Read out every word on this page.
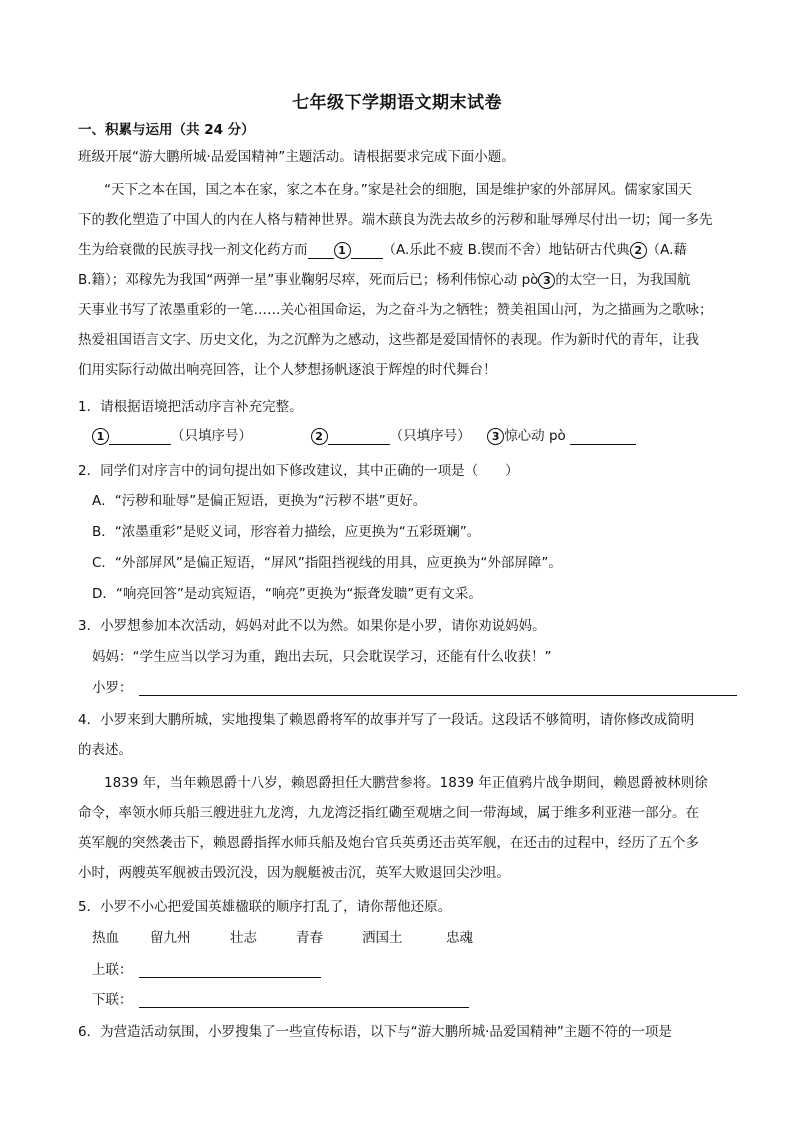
七年级下学期语文期末试卷
一、积累与运用（共 24 分）
班级开展“游大鹏所城·品爱国精神”主题活动。请根据要求完成下面小题。
“天下之本在国，国之本在家，家之本在身。”家是社会的细胞，国是维护家的外部屏风。儒家家国天
下的教化塑造了中国人的内在人格与精神世界。端木蕻良为洗去故乡的污秽和耻辱殚尽付出一切；闻一多先
生为给衰微的民族寻找一剂文化药方而	1	（A.乐此不疲 B.锲而不舍）地钻研古代典 2 （A.藉
B.籍）；邓稼先为我国“两弹一星”事业鞠躬尽瘁，死而后已；杨利伟惊心动 pò 3 的太空一日，为我国航
天事业书写了浓墨重彩的一笔……关心祖国命运，为之奋斗为之牺牲；赞美祖国山河，为之描画为之歌咏；
热爱祖国语言文字、历史文化，为之沉醉为之感动，这些都是爱国情怀的表现。作为新时代的青年，让我
们用实际行动做出响亮回答，让个人梦想扬帆逐浪于辉煌的时代舞台！
1．请根据语境把活动序言补充完整。
1	（只填序号）	2	（只填序号） 3 惊心动 pò
2．同学们对序言中的词句提出如下修改建议，其中正确的一项是（　　）
A．“污秽和耻辱”是偏正短语，更换为“污秽不堪”更好。
B．“浓墨重彩”是贬义词，形容着力描绘，应更换为“五彩斑斓”。
C．“外部屏风”是偏正短语，“屏风”指阻挡视线的用具，应更换为“外部屏障”。
D．“响亮回答”是动宾短语，“响亮”更换为“振聋发聩”更有文采。
3．小罗想参加本次活动，妈妈对此不以为然。如果你是小罗，请你劝说妈妈。
妈妈：“学生应当以学习为重，跑出去玩，只会耽误学习，还能有什么收获！”
小罗：
4．小罗来到大鹏所城，实地搜集了赖恩爵将军的故事并写了一段话。这段话不够简明，请你修改成简明
的表述。
1839 年，当年赖恩爵十八岁，赖恩爵担任大鹏营参将。1839 年正值鸦片战争期间，赖恩爵被林则徐
命令，率领水师兵船三艘进驻九龙湾，九龙湾泛指红磡至观塘之间一带海域，属于维多利亚港一部分。在
英军舰的突然袭击下，赖恩爵指挥水师兵船及炮台官兵英勇还击英军舰，在还击的过程中，经历了五个多
小时，两艘英军舰被击毁沉没，因为舰艇被击沉，英军大败退回尖沙咀。
5．小罗不小心把爱国英雄楹联的顺序打乱了，请你帮他还原。
热血 留九州	壮志	青春	洒国土	忠魂
上联：
下联：
6．为营造活动氛围，小罗搜集了一些宣传标语，以下与“游大鹏所城·品爱国精神”主题不符的一项是
